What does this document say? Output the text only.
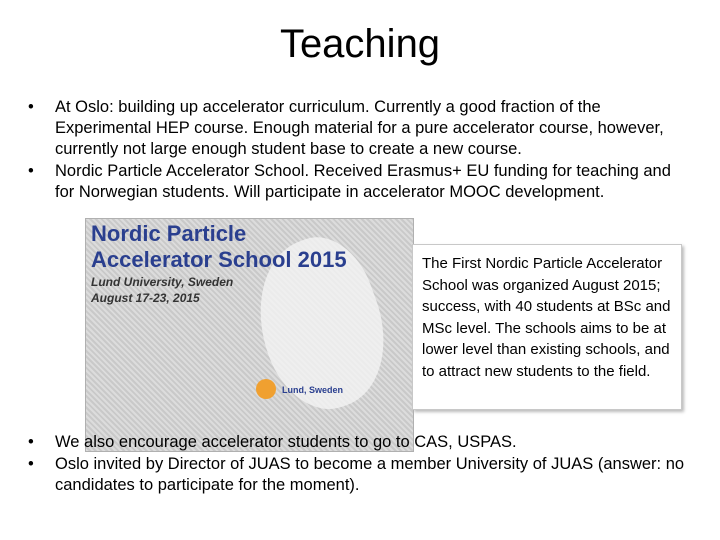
Teaching
• At Oslo: building up accelerator curriculum. Currently a good fraction of the Experimental HEP course. Enough material for a pure accelerator course, however, currently not large enough student base to create a new course.
• Nordic Particle Accelerator School. Received Erasmus+ EU funding for teaching and for Norwegian students. Will participate in accelerator MOOC development.
Nordic Particle
Accelerator School 2015
Lund University, Sweden
August 17-23, 2015
Lund, Sweden
The First Nordic Particle Accelerator School was organized August 2015; success, with 40 students at BSc and MSc level. The schools aims to be at lower level than existing schools, and to attract new students to the field.
• We also encourage accelerator students to go to CAS, USPAS.
• Oslo invited by Director of JUAS to become a member University of JUAS (answer: no candidates to participate for the moment).
